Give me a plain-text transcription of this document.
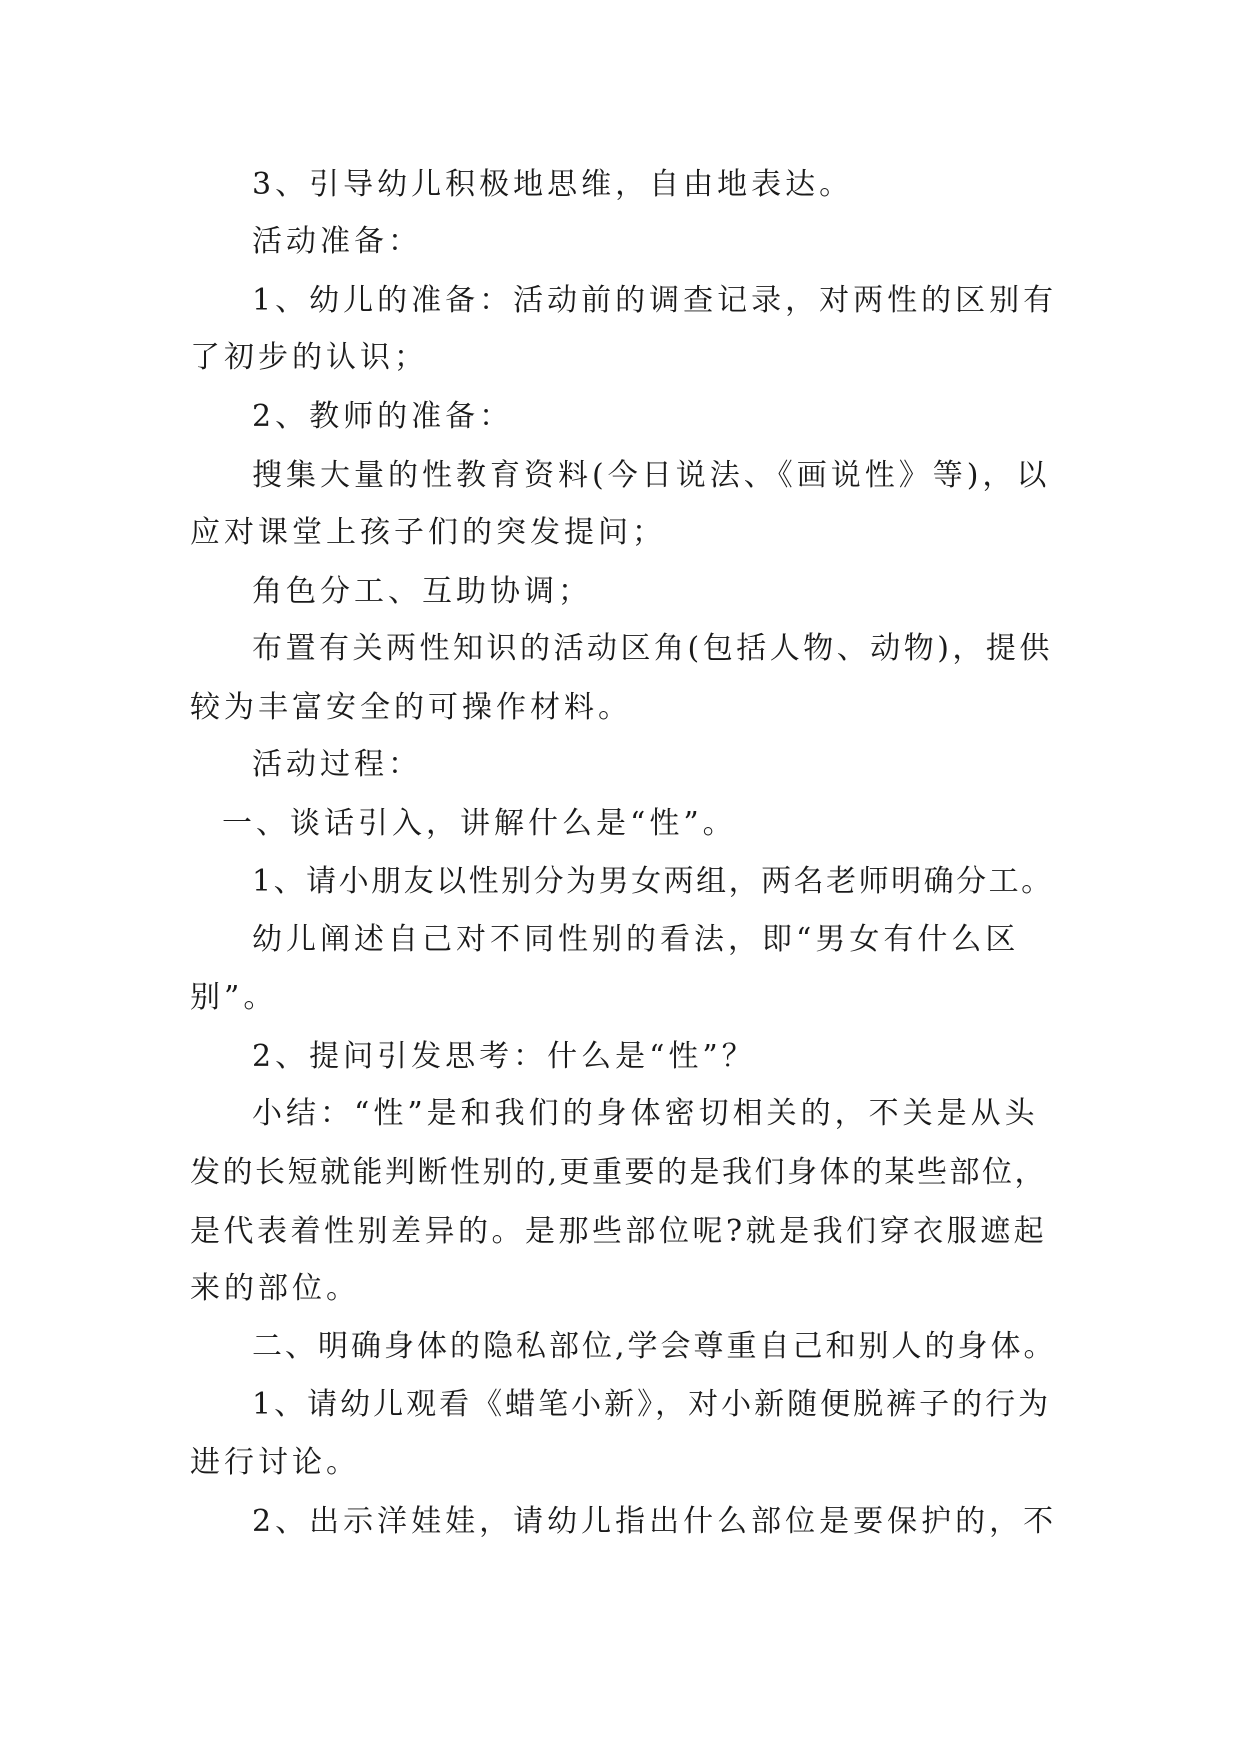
3、引导幼儿积极地思维，自由地表达。

活动准备：

1、幼儿的准备：活动前的调查记录，对两性的区别有

了初步的认识；

2、教师的准备：

搜集大量的性教育资料(今日说法、《画说性》等)，以

应对课堂上孩子们的突发提问；

角色分工、互助协调；

布置有关两性知识的活动区角(包括人物、动物)，提供

较为丰富安全的可操作材料。

活动过程：

一、谈话引入，讲解什么是“性”。

1、请小朋友以性别分为男女两组，两名老师明确分工。

幼儿阐述自己对不同性别的看法，即“男女有什么区

别”。

2、提问引发思考：什么是“性”？

小结：“性”是和我们的身体密切相关的，不关是从头

发的长短就能判断性别的,更重要的是我们身体的某些部位，

是代表着性别差异的。是那些部位呢?就是我们穿衣服遮起

来的部位。

二、明确身体的隐私部位,学会尊重自己和别人的身体。

1、请幼儿观看《蜡笔小新》，对小新随便脱裤子的行为

进行讨论。

2、出示洋娃娃，请幼儿指出什么部位是要保护的，不
